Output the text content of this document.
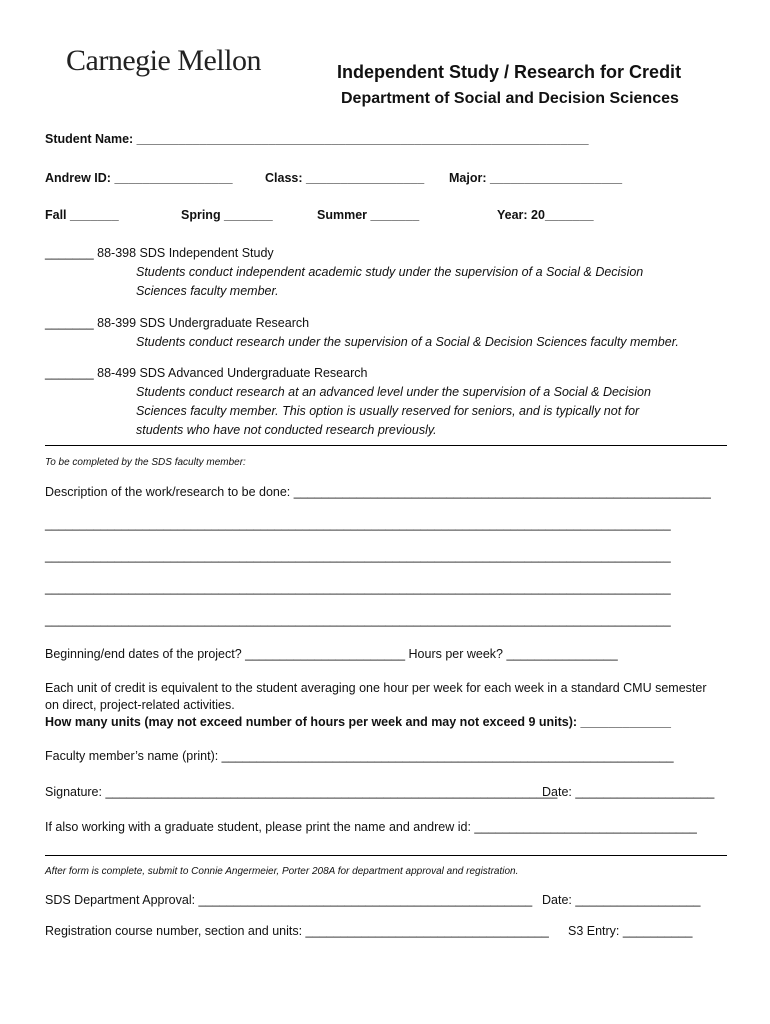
Carnegie Mellon	Independent Study / Research for Credit
Department of Social and Decision Sciences
Student Name: _________________________________________________________________
Andrew ID: _________________	Class: _________________ Major: ___________________
Fall _______	Spring _______	Summer _______	Year: 20_______
_______ 88-398 SDS Independent Study
Students conduct independent academic study under the supervision of a Social & Decision
Sciences faculty member.
_______ 88-399 SDS Undergraduate Research
Students conduct research under the supervision of a Social & Decision Sciences faculty member.
_______ 88-499 SDS Advanced Undergraduate Research
Students conduct research at an advanced level under the supervision of a Social & Decision
Sciences faculty member. This option is usually reserved for seniors, and is typically not for
students who have not conducted research previously.
To be completed by the SDS faculty member:
Description of the work/research to be done: ____________________________________________________________
__________________________________________________________________________________________
__________________________________________________________________________________________
__________________________________________________________________________________________
__________________________________________________________________________________________
Beginning/end dates of the project? _______________________ Hours per week? ________________
Each unit of credit is equivalent to the student averaging one hour per week for each week in a standard CMU semester
on direct, project-related activities.
How many units (may not exceed number of hours per week and may not exceed 9 units): _____________
Faculty member’s name (print): _________________________________________________________________
Signature: _________________________________________________________________
Date: ____________________
If also working with a graduate student, please print the name and andrew id: ________________________________
After form is complete, submit to Connie Angermeier, Porter 208A for department approval and registration.
SDS Department Approval: ________________________________________________ Date: __________________
Registration course number, section and units: ___________________________________ S3 Entry: __________
